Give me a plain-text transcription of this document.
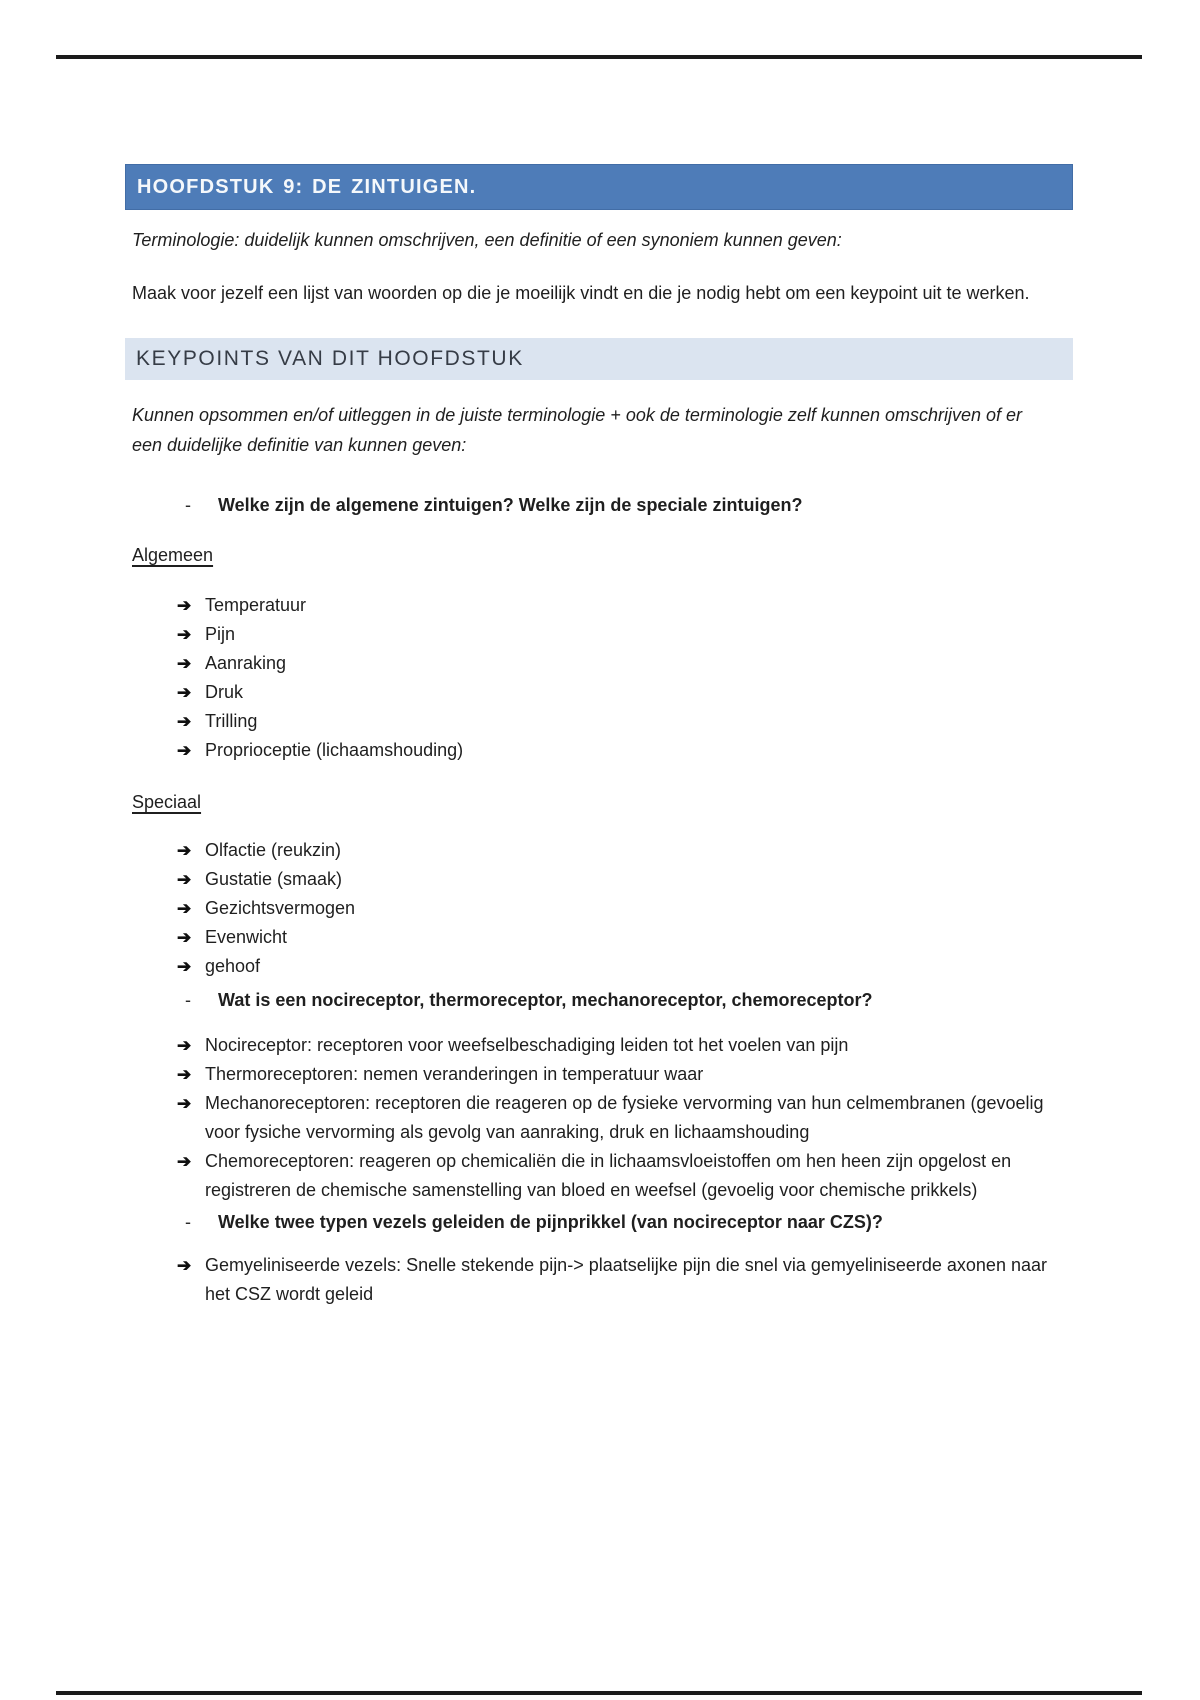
HOOFDSTUK 9: DE ZINTUIGEN.

Terminologie: duidelijk kunnen omschrijven, een definitie of een synoniem kunnen geven:

Maak voor jezelf een lijst van woorden op die je moeilijk vindt en die je nodig hebt om een keypoint uit te werken.

KEYPOINTS VAN DIT HOOFDSTUK

Kunnen opsommen en/of uitleggen in de juiste terminologie + ook de terminologie zelf kunnen omschrijven of er een duidelijke definitie van kunnen geven:

-	Welke zijn de algemene zintuigen? Welke zijn de speciale zintuigen?

Algemeen

➔ Temperatuur
➔ Pijn
➔ Aanraking
➔ Druk
➔ Trilling
➔ Proprioceptie (lichaamshouding)

Speciaal

➔ Olfactie (reukzin)
➔ Gustatie (smaak)
➔ Gezichtsvermogen
➔ Evenwicht
➔ gehoof
-	Wat is een nocireceptor, thermoreceptor, mechanoreceptor, chemoreceptor?
➔ Nocireceptor: receptoren voor weefselbeschadiging leiden tot het voelen van pijn
➔ Thermoreceptoren: nemen veranderingen in temperatuur waar
➔ Mechanoreceptoren: receptoren die reageren op de fysieke vervorming van hun celmembranen (gevoelig voor fysiche vervorming als gevolg van aanraking, druk en lichaamshouding
➔ Chemoreceptoren: reageren op chemicaliën die in lichaamsvloeistoffen om hen heen zijn opgelost en registreren de chemische samenstelling van bloed en weefsel (gevoelig voor chemische prikkels)
-	Welke twee typen vezels geleiden de pijnprikkel (van nocireceptor naar CZS)?
➔ Gemyeliniseerde vezels: Snelle stekende pijn-> plaatselijke pijn die snel via gemyeliniseerde axonen naar het CSZ wordt geleid
